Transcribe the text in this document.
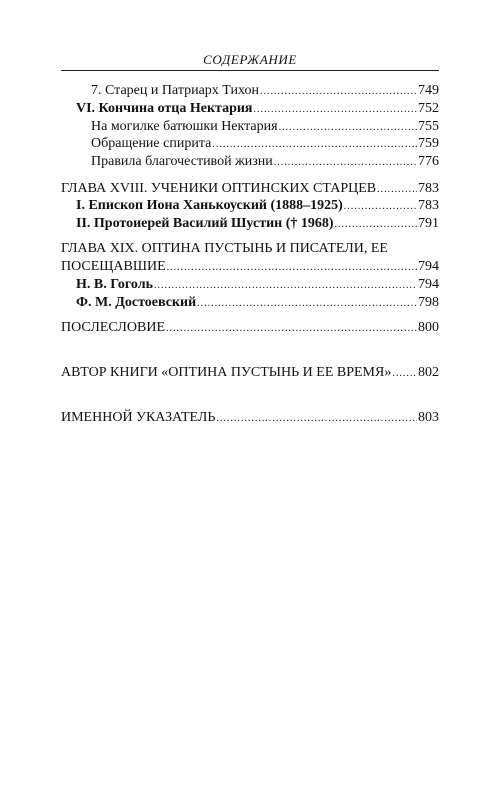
СОДЕРЖАНИЕ
7. Старец и Патриарх Тихон .....	749
VI. Кончина отца Нектария .....	752
На могилке батюшки Нектария .....	755
Обращение спирита .....	759
Правила благочестивой жизни .....	776
ГЛАВА XVIII. УЧЕНИКИ ОПТИНСКИХ СТАРЦЕВ .....	783
I. Епископ Иона Ханькоуский (1888–1925) .....	783
II. Протоиерей Василий Шустин († 1968) .....	791
ГЛАВА XIX. ОПТИНА ПУСТЫНЬ И ПИСАТЕЛИ, ЕЕ
ПОСЕЩАВШИЕ .....	794
Н. В. Гоголь .....	794
Ф. М. Достоевский .....	798
ПОСЛЕСЛОВИЕ .....	800
АВТОР КНИГИ «ОПТИНА ПУСТЫНЬ И ЕЕ ВРЕМЯ» ..... 802
ИМЕННОЙ УКАЗАТЕЛЬ .....	803
